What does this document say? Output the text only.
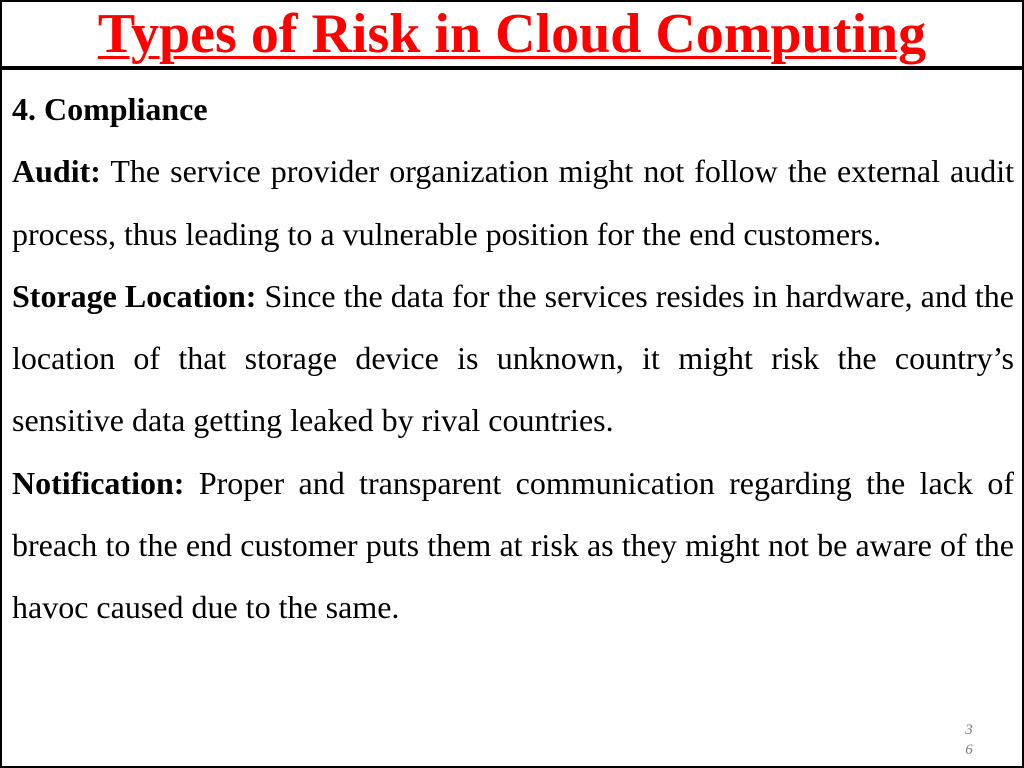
Types of Risk in Cloud Computing

4. Compliance

Audit: The service provider organization might not follow the external audit process, thus leading to a vulnerable position for the end customers.

Storage Location: Since the data for the services resides in hardware, and the location of that storage device is unknown, it might risk the country’s sensitive data getting leaked by rival countries.

Notification: Proper and transparent communication regarding the lack of breach to the end customer puts them at risk as they might not be aware of the havoc caused due to the same.

36
